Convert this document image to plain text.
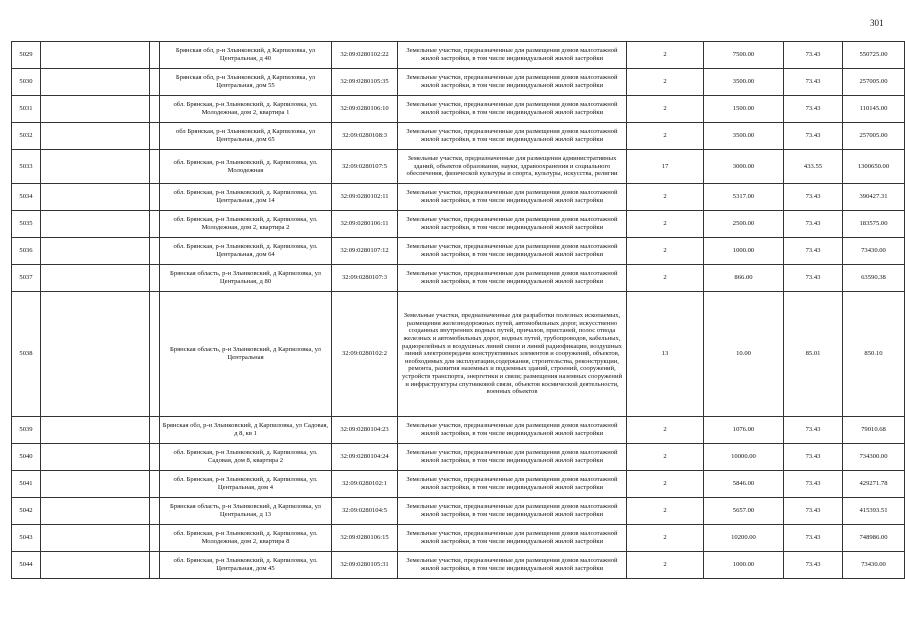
301
5029			Брянская обл, р-н Злынковский, д Карпиловка, ул Центральная, д 40	32:09:0280102:22	Земельные участки, предназначенные для размещения домов малоэтажной жилой застройки, в том числе индивидуальной жилой застройки	2	7500.00	73.43	550725.00
5030			Брянская обл, р-н Злынковский, д Карпиловка, ул Центральная, дом 55	32:09:0280105:35	Земельные участки, предназначенные для размещения домов малоэтажной жилой застройки, в том числе индивидуальной жилой застройки	2	3500.00	73.43	257005.00
5031			обл. Брянская, р-н Злынковский, д. Карпиловка, ул. Молодежная, дом 2, квартира 1	32:09:0280106:10	Земельные участки, предназначенные для размещения домов малоэтажной жилой застройки, в том числе индивидуальной жилой застройки	2	1500.00	73.43	110145.00
5032			обл Брянская, р-н Злынковский, д Карпиловка, ул Центральная, дом 65	32:09:0280108:3	Земельные участки, предназначенные для размещения домов малоэтажной жилой застройки, в том числе индивидуальной жилой застройки	2	3500.00	73.43	257005.00
5033			обл. Брянская, р-н Злынковский, д. Карпиловка, ул. Молодежная	32:09:0280107:5	Земельные участки, предназначенные для размещения административных зданий, объектов образования, науки, здравоохранения и социального обеспечения, физической культуры и спорта, культуры, искусства, религии	17	3000.00	433.55	1300650.00
5034			обл. Брянская, р-н Злынковский, д. Карпиловка, ул. Центральная, дом 14	32:09:0280102:11	Земельные участки, предназначенные для размещения домов малоэтажной жилой застройки, в том числе индивидуальной жилой застройки	2	5317.00	73.43	390427.31
5035			обл. Брянская, р-н Злынковский, д. Карпиловка, ул. Молодежная, дом 2, квартира 2	32:09:0280106:11	Земельные участки, предназначенные для размещения домов малоэтажной жилой застройки, в том числе индивидуальной жилой застройки	2	2500.00	73.43	183575.00
5036			обл. Брянская, р-н Злынковский, д. Карпиловка, ул. Центральная, дом 64	32:09:0280107:12	Земельные участки, предназначенные для размещения домов малоэтажной жилой застройки, в том числе индивидуальной жилой застройки	2	1000.00	73.43	73430.00
5037			Брянская область, р-н Злынковский, д Карпиловка, ул Центральная, д 80	32:09:0280107:3	Земельные участки, предназначенные для размещения домов малоэтажной жилой застройки, в том числе индивидуальной жилой застройки	2	866.00	73.43	63590.38
5038			Брянская область, р-н Злынковский, д Карпиловка, ул Центральная	32:09:0280102:2	Земельные участки, предназначенные для разработки полезных ископаемых, размещения железнодорожных путей, автомобильных дорог, искусственно созданных внутренних водных путей, причалов, пристаней, полос отвода железных и автомобильных дорог, водных путей, трубопроводов, кабельных, радиорелейных и воздушных линий связи и линий радиофикации, воздушных линий электропередачи конструктивных элементов и сооружений, объектов, необходимых для эксплуатации,содержания, строительства, реконструкции, ремонта, развития наземных и подземных зданий, строений, сооружений, устройств транспорта, энергетики и связи; размещения наземных сооружений и инфраструктуры спутниковой связи, объектов космической деятельности, военных объектов	13	10.00	85.01	850.10
5039			Брянская обл, р-н Злынковский, д Карпиловка, ул Садовая, д 8, кв 1	32:09:0280104:23	Земельные участки, предназначенные для размещения домов малоэтажной жилой застройки, в том числе индивидуальной жилой застройки	2	1076.00	73.43	79010.68
5040			обл. Брянская, р-н Злынковский, д. Карпиловка, ул. Садовая, дом 8, квартира 2	32:09:0280104:24	Земельные участки, предназначенные для размещения домов малоэтажной жилой застройки, в том числе индивидуальной жилой застройки	2	10000.00	73.43	734300.00
5041			обл. Брянская, р-н Злынковский, д. Карпиловка, ул. Центральная, дом 4	32:09:0280102:1	Земельные участки, предназначенные для размещения домов малоэтажной жилой застройки, в том числе индивидуальной жилой застройки	2	5846.00	73.43	429271.78
5042			Брянская область, р-н Злынковский, д Карпиловка, ул Центральная, д 13	32:09:0280104:5	Земельные участки, предназначенные для размещения домов малоэтажной жилой застройки, в том числе индивидуальной жилой застройки	2	5657.00	73.43	415393.51
5043			обл. Брянская, р-н Злынковский, д. Карпиловка, ул. Молодежная, дом 2, квартира 8	32:09:0280106:15	Земельные участки, предназначенные для размещения домов малоэтажной жилой застройки, в том числе индивидуальной жилой застройки	2	10200.00	73.43	748986.00
5044			обл. Брянская, р-н Злынковский, д. Карпиловка, ул. Центральная, дом 45	32:09:0280105:31	Земельные участки, предназначенные для размещения домов малоэтажной жилой застройки, в том числе индивидуальной жилой застройки	2	1000.00	73.43	73430.00
